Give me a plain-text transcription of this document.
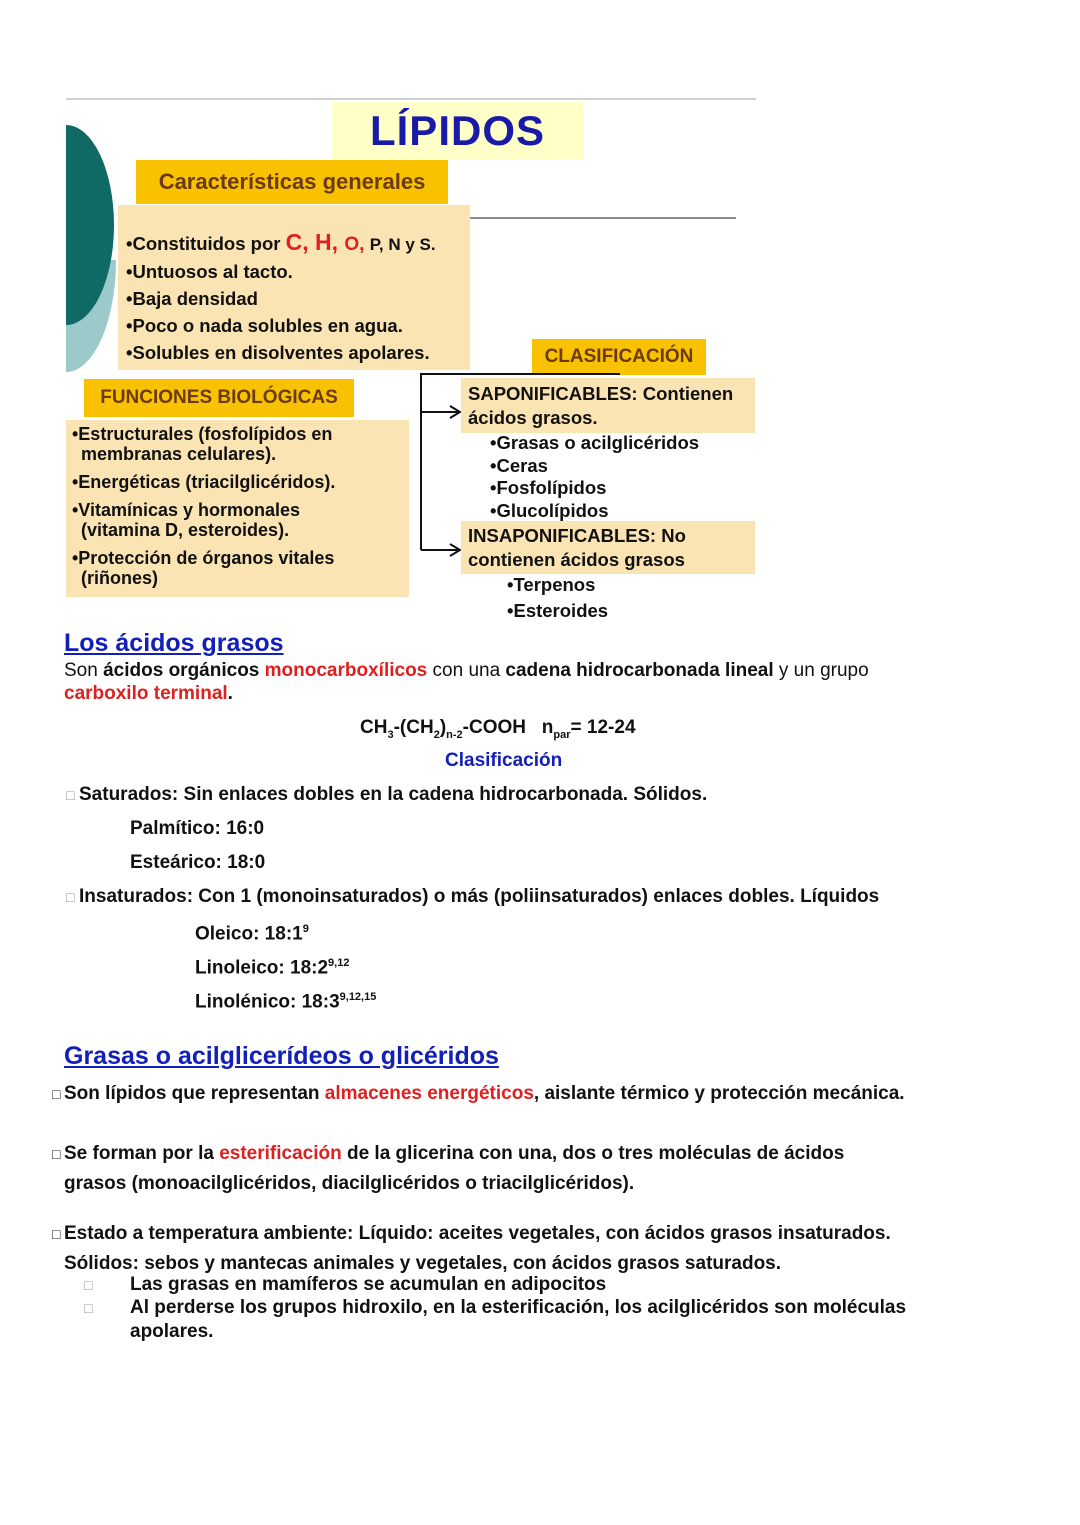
LÍPIDOS
Características generales
•Constituidos por C, H, O, P, N y S.
•Untuosos al tacto.
•Baja densidad
•Poco o nada solubles en agua.
•Solubles en disolventes apolares.
FUNCIONES BIOLÓGICAS
•Estructurales (fosfolípidos en
membranas celulares).
•Energéticas (triacilglicéridos).
•Vitamínicas y hormonales
(vitamina D, esteroides).
•Protección de órganos vitales
(riñones)
CLASIFICACIÓN
SAPONIFICABLES: Contienen
ácidos grasos.
•Grasas o acilglicéridos
•Ceras
•Fosfolípidos
•Glucolípidos
INSAPONIFICABLES: No
contienen ácidos grasos
•Terpenos
•Esteroides
Los ácidos grasos
Son ácidos orgánicos monocarboxílicos con una cadena hidrocarbonada lineal y un grupo
carboxilo terminal.
$CH_3-(CH_2)_{n-2}$-COOH   $n_{par}= 12-24$
Clasificación
□ Saturados: Sin enlaces dobles en la cadena hidrocarbonada. Sólidos.
Palmítico: 16:0
Esteárico: 18:0
□ Insaturados: Con 1 (monoinsaturados) o más (poliinsaturados) enlaces dobles. Líquidos
Oleico: $18:1^9$
Linoleico: 18:2$^{9,12}$
Linolénico: 18:3$^{9,12,15}$
Grasas o acilglicerídeos o glicéridos
□ Son lípidos que representan almacenes energéticos, aislante térmico y protección mecánica.
□ Se forman por la esterificación de la glicerina con una, dos o tres moléculas de ácidos
grasos (monoacilglicéridos, diacilglicéridos o triacilglicéridos).
□ Estado a temperatura ambiente: Líquido: aceites vegetales, con ácidos grasos insaturados.
Sólidos: sebos y mantecas animales y vegetales, con ácidos grasos saturados.
□ Las grasas en mamíferos se acumulan en adipocitos
□ Al perderse los grupos hidroxilo, en la esterificación, los acilglicéridos son moléculas
apolares.
